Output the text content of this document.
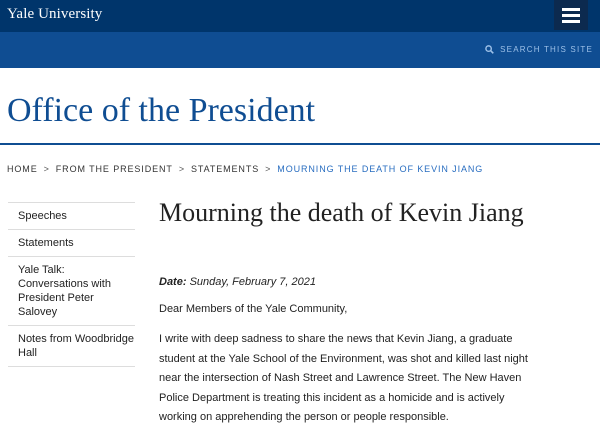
Yale University
SEARCH THIS SITE
Office of the President
HOME > FROM THE PRESIDENT > STATEMENTS > MOURNING THE DEATH OF KEVIN JIANG
Speeches
Statements
Yale Talk: Conversations with President Peter Salovey
Notes from Woodbridge Hall
Mourning the death of Kevin Jiang
Date: Sunday, February 7, 2021
Dear Members of the Yale Community,

I write with deep sadness to share the news that Kevin Jiang, a graduate student at the Yale School of the Environment, was shot and killed last night near the intersection of Nash Street and Lawrence Street. The New Haven Police Department is treating this incident as a homicide and is actively working on apprehending the person or people responsible.
